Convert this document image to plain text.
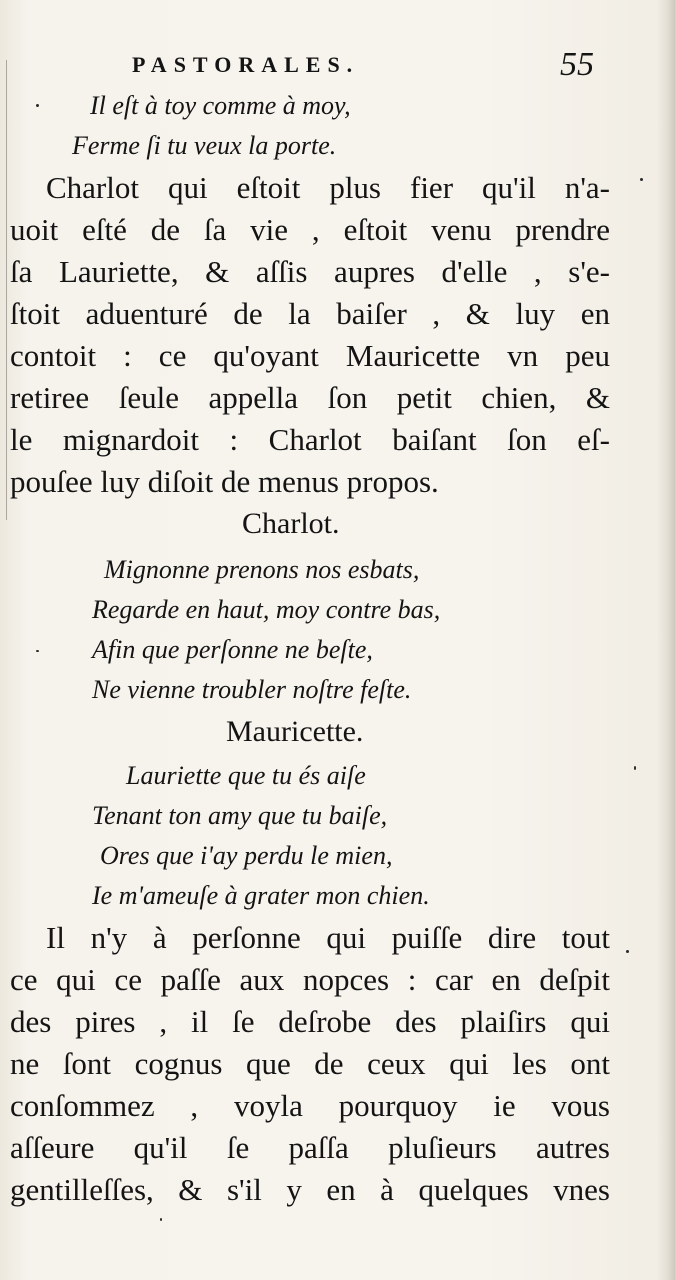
PASTORALES.	55
Il eſt à toy comme à moy,
Ferme ſi tu veux la porte.
Charlot qui eſtoit plus fier qu'il n'a-
uoit eſté de ſa vie , eſtoit venu prendre
ſa Lauriette, & aſſis aupres d'elle , s'e-
ſtoit aduenturé de la baiſer , & luy en
contoit : ce qu'oyant Mauricette vn peu
retiree ſeule appella ſon petit chien, &
le mignardoit : Charlot baiſant ſon eſ-
pouſee luy diſoit de menus propos.
Charlot.
Mignonne prenons nos esbats,
Regarde en haut, moy contre bas,
Afin que perſonne ne beſte,
Ne vienne troubler noſtre feſte.
Mauricette.
Lauriette que tu és aiſe
Tenant ton amy que tu baiſe,
Ores que i'ay perdu le mien,
Ie m'ameuſe à grater mon chien.
Il n'y à perſonne qui puiſſe dire tout
ce qui ce paſſe aux nopces : car en deſpit
des pires , il ſe deſrobe des plaiſirs qui
ne ſont cognus que de ceux qui les ont
conſommez , voyla pourquoy ie vous
aſſeure qu'il ſe paſſa pluſieurs autres
gentilleſſes, & s'il y en à quelques vnes
